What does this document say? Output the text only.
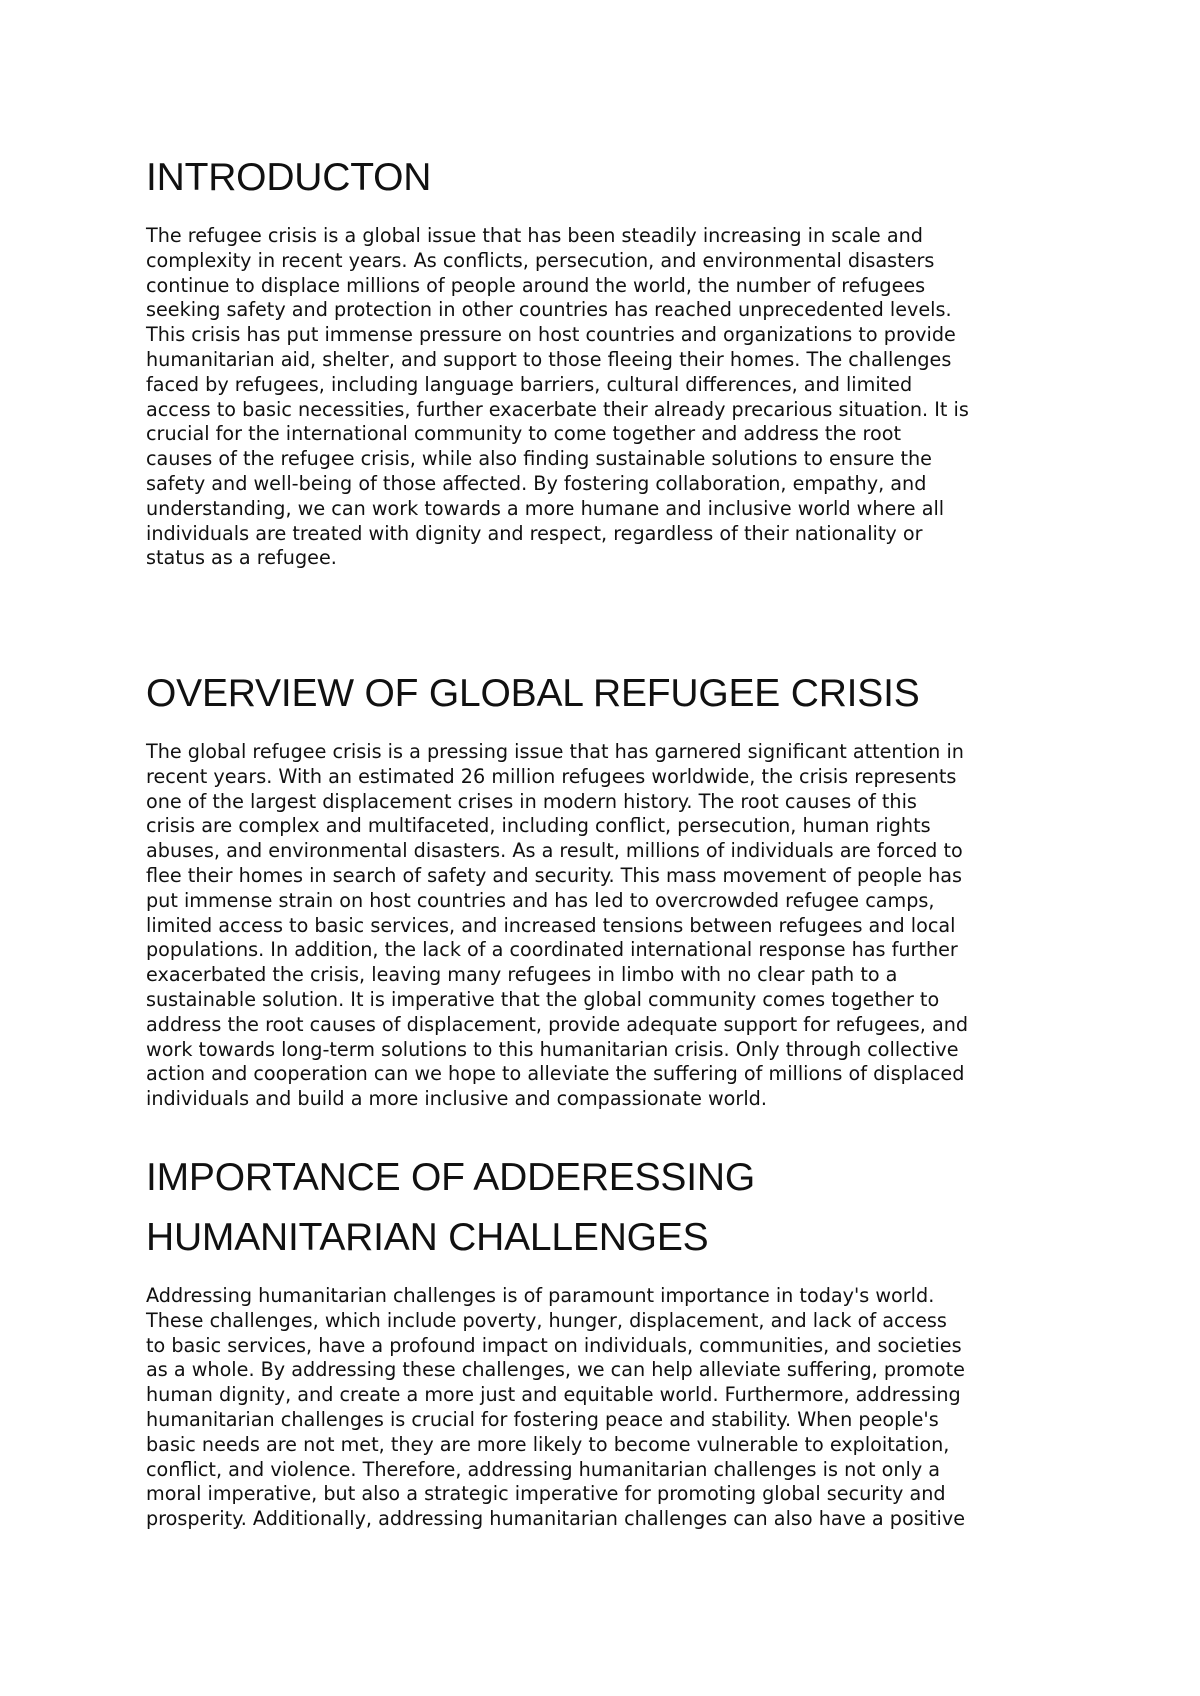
INTRODUCTON
The refugee crisis is a global issue that has been steadily increasing in scale and
complexity in recent years. As conflicts, persecution, and environmental disasters
continue to displace millions of people around the world, the number of refugees
seeking safety and protection in other countries has reached unprecedented levels.
This crisis has put immense pressure on host countries and organizations to provide
humanitarian aid, shelter, and support to those fleeing their homes. The challenges
faced by refugees, including language barriers, cultural differences, and limited
access to basic necessities, further exacerbate their already precarious situation. It is
crucial for the international community to come together and address the root
causes of the refugee crisis, while also finding sustainable solutions to ensure the
safety and well-being of those affected. By fostering collaboration, empathy, and
understanding, we can work towards a more humane and inclusive world where all
individuals are treated with dignity and respect, regardless of their nationality or
status as a refugee.
OVERVIEW OF GLOBAL REFUGEE CRISIS
The global refugee crisis is a pressing issue that has garnered significant attention in
recent years. With an estimated 26 million refugees worldwide, the crisis represents
one of the largest displacement crises in modern history. The root causes of this
crisis are complex and multifaceted, including conflict, persecution, human rights
abuses, and environmental disasters. As a result, millions of individuals are forced to
flee their homes in search of safety and security. This mass movement of people has
put immense strain on host countries and has led to overcrowded refugee camps,
limited access to basic services, and increased tensions between refugees and local
populations. In addition, the lack of a coordinated international response has further
exacerbated the crisis, leaving many refugees in limbo with no clear path to a
sustainable solution. It is imperative that the global community comes together to
address the root causes of displacement, provide adequate support for refugees, and
work towards long-term solutions to this humanitarian crisis. Only through collective
action and cooperation can we hope to alleviate the suffering of millions of displaced
individuals and build a more inclusive and compassionate world.
IMPORTANCE OF ADDERESSING
HUMANITARIAN CHALLENGES
Addressing humanitarian challenges is of paramount importance in today's world.
These challenges, which include poverty, hunger, displacement, and lack of access
to basic services, have a profound impact on individuals, communities, and societies
as a whole. By addressing these challenges, we can help alleviate suffering, promote
human dignity, and create a more just and equitable world. Furthermore, addressing
humanitarian challenges is crucial for fostering peace and stability. When people's
basic needs are not met, they are more likely to become vulnerable to exploitation,
conflict, and violence. Therefore, addressing humanitarian challenges is not only a
moral imperative, but also a strategic imperative for promoting global security and
prosperity. Additionally, addressing humanitarian challenges can also have a positive
